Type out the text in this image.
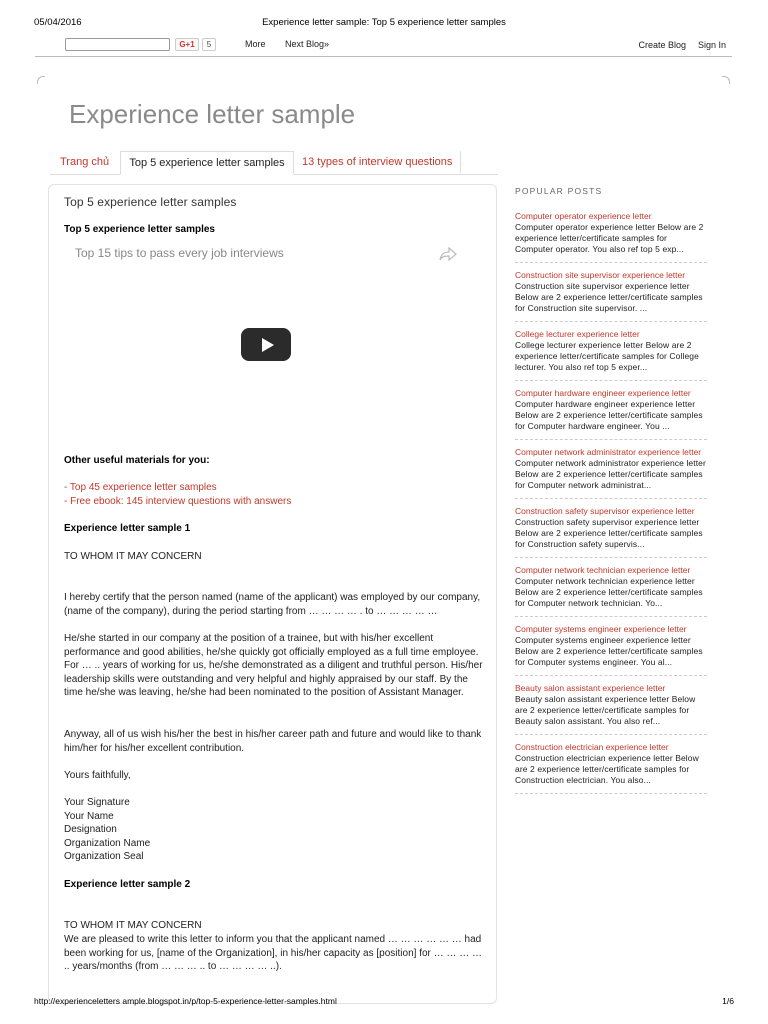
05/04/2016	Experience letter sample: Top 5 experience letter samples
G+1	5	More Next Blog»	Create Blog Sign In
Experience letter sample
Trang chủ	Top 5 experience letter samples	13 types of interview questions
Top 5 experience letter samples
Top 5 experience letter samples
Top 15 tips to pass every job interviews
Other useful materials for you:
- Top 45 experience letter samples
- Free ebook: 145 interview questions with answers
Experience letter sample 1
TO WHOM IT MAY CONCERN
I hereby certify that the person named (name of the applicant) was employed by our company, (name of the company), during the period starting from … … … … . to … … … … …
He/she started in our company at the position of a trainee, but with his/her excellent performance and good abilities, he/she quickly got officially employed as a full time employee. For … .. years of working for us, he/she demonstrated as a diligent and truthful person. His/her leadership skills were outstanding and very helpful and highly appraised by our staff. By the time he/she was leaving, he/she had been nominated to the position of Assistant Manager.
Anyway, all of us wish his/her the best in his/her career path and future and would like to thank him/her for his/her excellent contribution.
Yours faithfully,
Your Signature
Your Name
Designation
Organization Name
Organization Seal
Experience letter sample 2
TO WHOM IT MAY CONCERN
We are pleased to write this letter to inform you that the applicant named … … … … … … had been working for us, [name of the Organization], in his/her capacity as [position] for … … … … .. years/months (from … … … .. to … … … … ..).
POPULAR POSTS
Computer operator experience letter
Computer operator experience letter Below are 2 experience letter/certificate samples for Computer operator. You also ref top 5 exp...
Construction site supervisor experience letter
Construction site supervisor experience letter Below are 2 experience letter/certificate samples for Construction site supervisor. ...
College lecturer experience letter
College lecturer experience letter Below are 2 experience letter/certificate samples for College lecturer. You also ref top 5 exper...
Computer hardware engineer experience letter
Computer hardware engineer experience letter Below are 2 experience letter/certificate samples for Computer hardware engineer. You ...
Computer network administrator experience letter
Computer network administrator experience letter Below are 2 experience letter/certificate samples for Computer network administrat...
Construction safety supervisor experience letter
Construction safety supervisor experience letter Below are 2 experience letter/certificate samples for Construction safety supervis...
Computer network technician experience letter
Computer network technician experience letter Below are 2 experience letter/certificate samples for Computer network technician. Yo...
Computer systems engineer experience letter
Computer systems engineer experience letter Below are 2 experience letter/certificate samples for Computer systems engineer. You al...
Beauty salon assistant experience letter
Beauty salon assistant experience letter Below are 2 experience letter/certificate samples for Beauty salon assistant. You also ref...
Construction electrician experience letter
Construction electrician experience letter Below are 2 experience letter/certificate samples for Construction electrician. You also...
http://experienceletters ample.blogspot.in/p/top-5-experience-letter-samples.html	1/6
